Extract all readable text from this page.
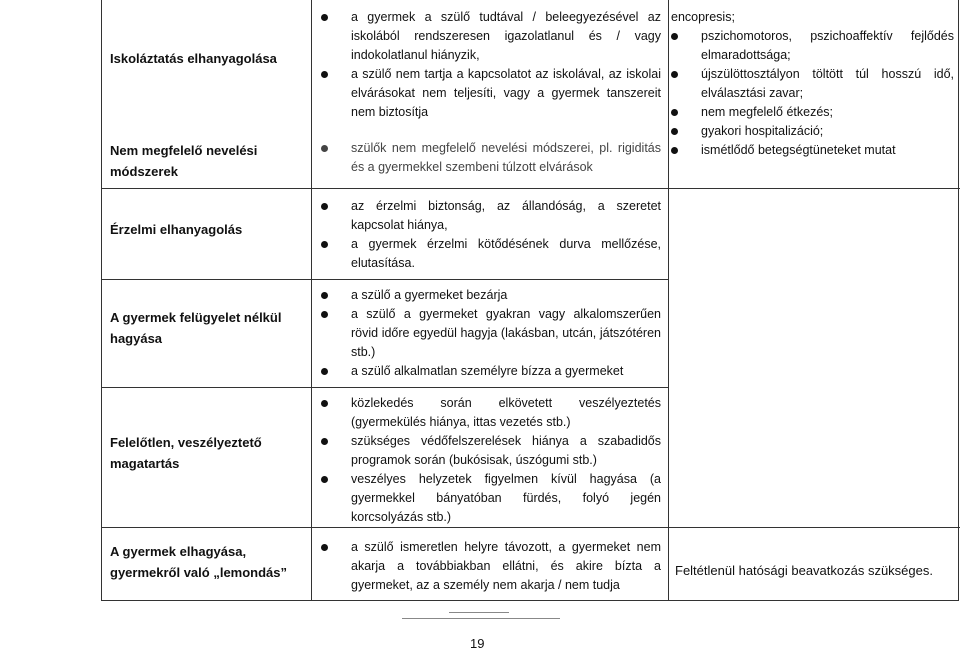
Iskoláztatás elhanyagolása
Nem megfelelő nevelési módszerek
a gyermek a szülő tudtával / beleegyezésével az iskolából rendszeresen igazolatlanul és / vagy indokolatlanul hiányzik,
a szülő nem tartja a kapcsolatot az iskolával, az iskolai elvárásokat nem teljesíti, vagy a gyermek tanszereit nem biztosítja
szülők nem megfelelő nevelési módszerei, pl. rigiditás és a gyermekkel szembeni túlzott elvárások
encopresis;
pszichomotoros, pszichoaffektív fejlődés elmaradottsága;
újszülöttosztályon töltött túl hosszú idő, elválasztási zavar;
nem megfelelő étkezés;
gyakori hospitalizáció;
ismétlődő betegségtüneteket mutat
Érzelmi elhanyagolás
az érzelmi biztonság, az állandóság, a szeretet kapcsolat hiánya,
a gyermek érzelmi kötődésének durva mellőzése, elutasítása.
A gyermek felügyelet nélkül hagyása
a szülő a gyermeket bezárja
a szülő a gyermeket gyakran vagy alkalomszerűen rövid időre egyedül hagyja (lakásban, utcán, játszótéren stb.)
a szülő alkalmatlan személyre bízza a gyermeket
Felelőtlen, veszélyeztető magatartás
közlekedés során elkövetett veszélyeztetés (gyermekülés hiánya, ittas vezetés stb.)
szükséges védőfelszerelések hiánya a szabadidős programok során (bukósisak, úszógumi stb.)
veszélyes helyzetek figyelmen kívül hagyása (a gyermekkel bányatóban fürdés, folyó jegén korcsolyázás stb.)
A gyermek elhagyása, gyermekről való „lemondás”
a szülő ismeretlen helyre távozott, a gyermeket nem akarja a továbbiakban ellátni, és akire bízta a gyermeket, az a személy nem akarja / nem tudja
Feltétlenül hatósági beavatkozás szükséges.
19
